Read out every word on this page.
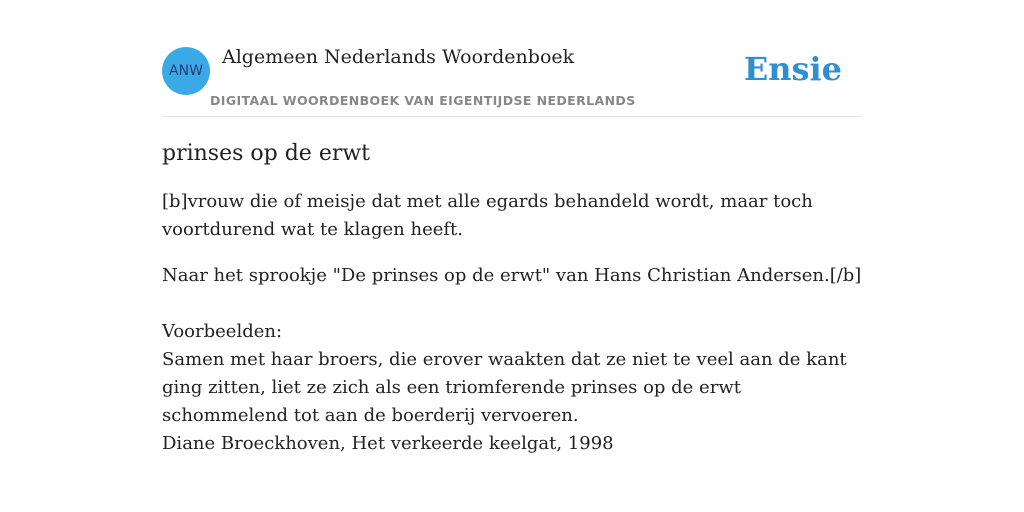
ANW
Algemeen Nederlands Woordenboek
DIGITAAL WOORDENBOEK VAN EIGENTIJDSE NEDERLANDS
Ensie
prinses op de erwt

[b]vrouw die of meisje dat met alle egards behandeld wordt, maar toch voortdurend wat te klagen heeft.

Naar het sprookje "De prinses op de erwt" van Hans Christian Andersen.[/b]

Voorbeelden:
Samen met haar broers, die erover waakten dat ze niet te veel aan de kant ging zitten, liet ze zich als een triomferende prinses op de erwt schommelend tot aan de boerderij vervoeren.
Diane Broeckhoven, Het verkeerde keelgat, 1998
